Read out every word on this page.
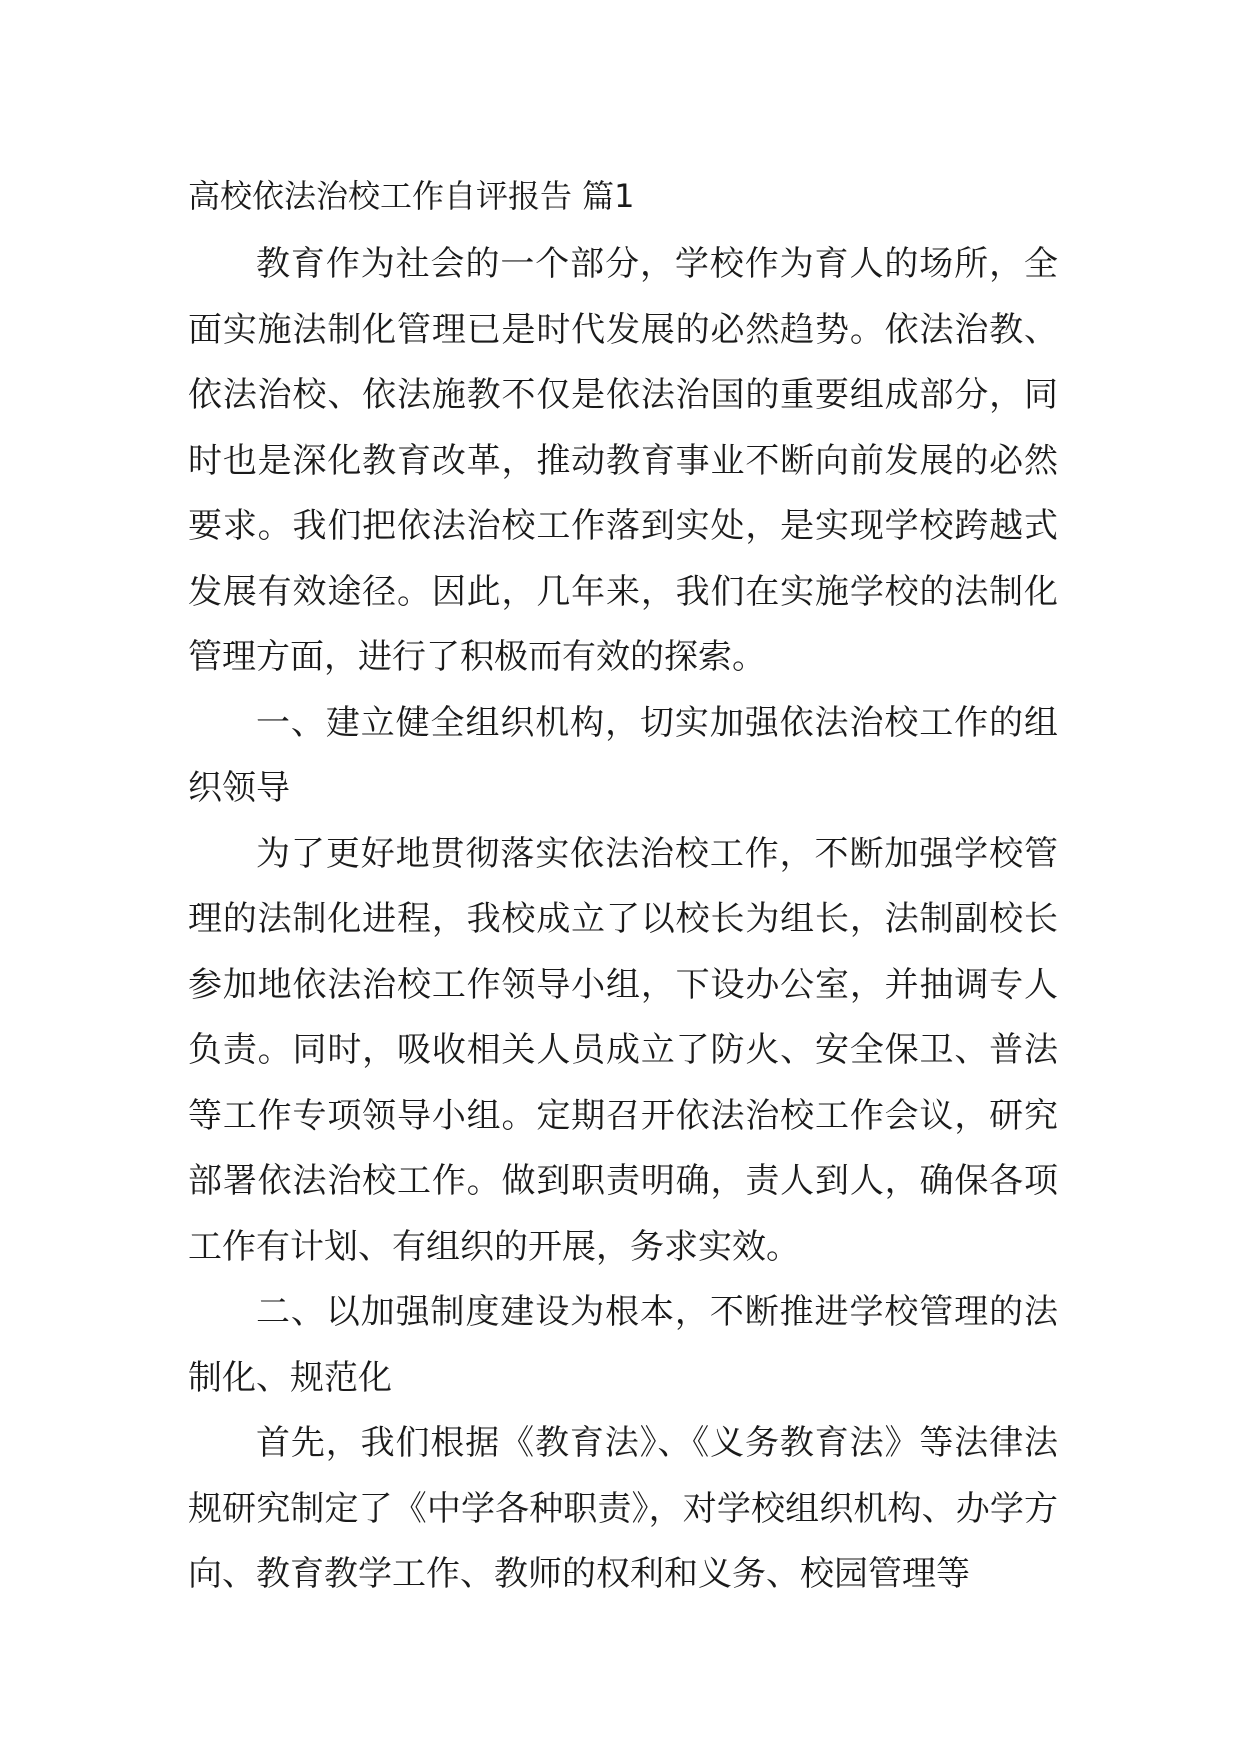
高校依法治校工作自评报告 篇1

教育作为社会的一个部分，学校作为育人的场所，全面实施法制化管理已是时代发展的必然趋势。依法治教、依法治校、依法施教不仅是依法治国的重要组成部分，同时也是深化教育改革，推动教育事业不断向前发展的必然要求。我们把依法治校工作落到实处，是实现学校跨越式发展有效途径。因此，几年来，我们在实施学校的法制化管理方面，进行了积极而有效的探索。

一、建立健全组织机构，切实加强依法治校工作的组织领导

为了更好地贯彻落实依法治校工作，不断加强学校管理的法制化进程，我校成立了以校长为组长，法制副校长参加地依法治校工作领导小组，下设办公室，并抽调专人负责。同时，吸收相关人员成立了防火、安全保卫、普法等工作专项领导小组。定期召开依法治校工作会议，研究部署依法治校工作。做到职责明确，责人到人，确保各项工作有计划、有组织的开展，务求实效。

二、以加强制度建设为根本，不断推进学校管理的法制化、规范化

首先，我们根据《教育法》、《义务教育法》等法律法规研究制定了《中学各种职责》，对学校组织机构、办学方向、教育教学工作、教师的权利和义务、校园管理等
